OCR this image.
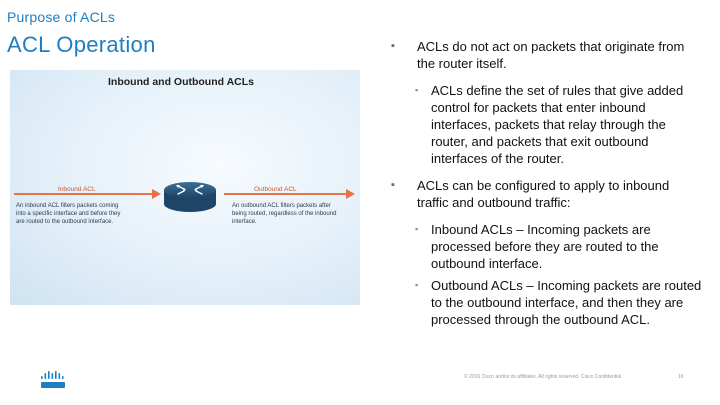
Purpose of ACLs
ACL Operation
Inbound and Outbound ACLs
Inbound ACL	Outbound ACL
An inbound ACL filters packets coming into a specific interface and before they are routed to the outbound interface.
An outbound ACL filters packets after being routed, regardless of the inbound interface.
▪ ACLs do not act on packets that originate from the router itself.
▪ ACLs define the set of rules that give added control for packets that enter inbound interfaces, packets that relay through the router, and packets that exit outbound interfaces of the router.
▪ ACLs can be configured to apply to inbound traffic and outbound traffic:
▪ Inbound ACLs – Incoming packets are processed before they are routed to the outbound interface.
▪ Outbound ACLs – Incoming packets are routed to the outbound interface, and then they are processed through the outbound ACL.
© 2016 Cisco and/or its affiliates. All rights reserved. Cisco Confidential	16
